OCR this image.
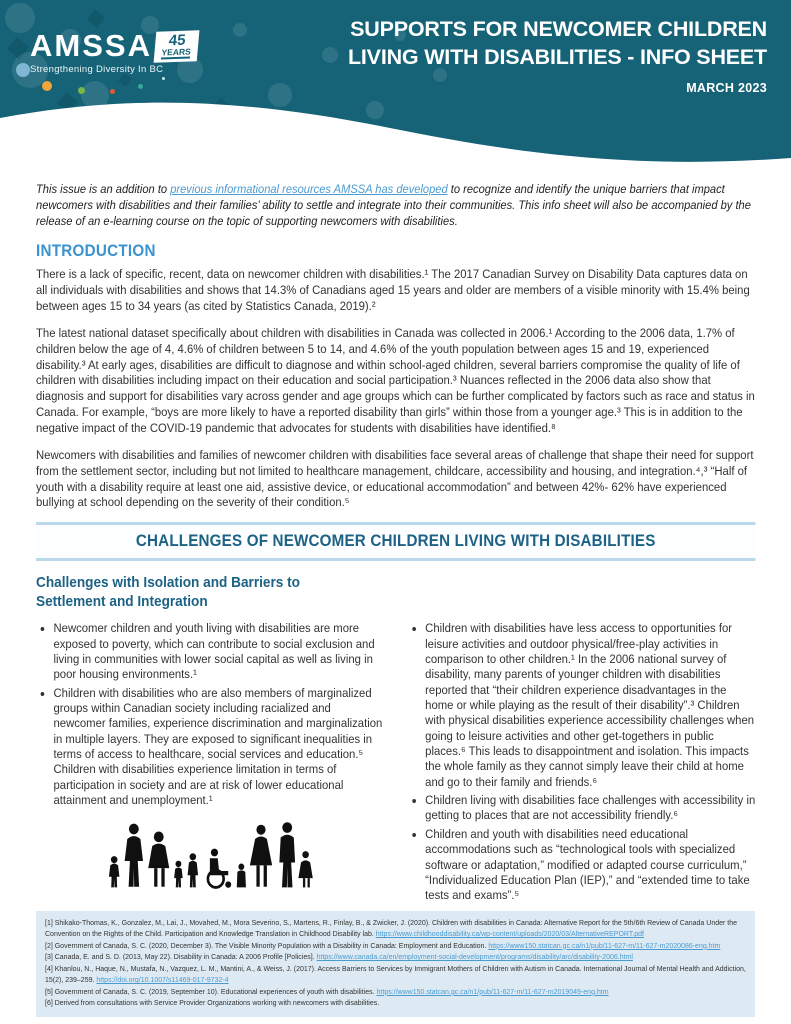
AMSSA	45
YEARS
Strengthening Diversity In BC
SUPPORTS FOR NEWCOMER CHILDREN
LIVING WITH DISABILITIES - INFO SHEET
MARCH 2023

This issue is an addition to previous informational resources AMSSA has developed to recognize and identify the unique barriers that impact newcomers with disabilities and their families’ ability to settle and integrate into their communities. This info sheet will also be accompanied by the release of an e-learning course on the topic of supporting newcomers with disabilities.

INTRODUCTION

There is a lack of specific, recent, data on newcomer children with disabilities.¹ The 2017 Canadian Survey on Disability Data captures data on all individuals with disabilities and shows that 14.3% of Canadians aged 15 years and older are members of a visible minority with 15.4% being between ages 15 to 34 years (as cited by Statistics Canada, 2019).²

The latest national dataset specifically about children with disabilities in Canada was collected in 2006.¹ According to the 2006 data, 1.7% of children below the age of 4, 4.6% of children between 5 to 14, and 4.6% of the youth population between ages 15 and 19, experienced disability.³ At early ages, disabilities are difficult to diagnose and within school-aged children, several barriers compromise the quality of life of children with disabilities including impact on their education and social participation.³ Nuances reflected in the 2006 data also show that diagnosis and support for disabilities vary across gender and age groups which can be further complicated by factors such as race and status in Canada. For example, “boys are more likely to have a reported disability than girls” within those from a younger age.³ This is in addition to the negative impact of the COVID-19 pandemic that advocates for students with disabilities have identified.⁸

Newcomers with disabilities and families of newcomer children with disabilities face several areas of challenge that shape their need for support from the settlement sector, including but not limited to healthcare management, childcare, accessibility and housing, and integration.⁴,³ “Half of youth with a disability require at least one aid, assistive device, or educational accommodation” and between 42%- 62% have experienced bullying at school depending on the severity of their condition.⁵

CHALLENGES OF NEWCOMER CHILDREN LIVING WITH DISABILITIES
Challenges with Isolation and Barriers to Settlement and Integration
• Newcomer children and youth living with disabilities are more exposed to poverty, which can contribute to social exclusion and living in communities with lower social capital as well as living in poor housing environments.¹
• Children with disabilities who are also members of marginalized groups within Canadian society including racialized and newcomer families, experience discrimination and marginalization in multiple layers. They are exposed to significant inequalities in terms of access to healthcare, social services and education.⁵ Children with disabilities experience limitation in terms of participation in society and are at risk of lower educational attainment and unemployment.¹
• Children with disabilities have less access to opportunities for leisure activities and outdoor physical/free-play activities in comparison to other children.¹ In the 2006 national survey of disability, many parents of younger children with disabilities reported that “their children experience disadvantages in the home or while playing as the result of their disability”.³ Children with physical disabilities experience accessibility challenges when going to leisure activities and other get-togethers in public places.⁶ This leads to disappointment and isolation. This impacts the whole family as they cannot simply leave their child at home and go to their family and friends.⁶
• Children living with disabilities face challenges with accessibility in getting to places that are not accessibility friendly.⁶
• Children and youth with disabilities need educational accommodations such as “technological tools with specialized software or adaptation,” modified or adapted course curriculum,” “Individualized Education Plan (IEP),” and “extended time to take tests and exams”.⁵
[1] Shikako-Thomas, K., Gonzalez, M., Lai, J., Movahed, M., Mora Severino, S., Martens, R., Finlay, B., & Zwicker, J. (2020). Children with disabilities in Canada: Alternative Report for the 5th/6th Review of Canada Under the Convention on the Rights of the Child. Participation and Knowledge Translation in Childhood Disability lab. https://www.childhooddisability.ca/wp-content/uploads/2020/03/AlternativeREPORT.pdf
[2] Government of Canada, S. C. (2020, December 3). The Visible Minority Population with a Disability in Canada: Employment and Education. https://www150.statcan.gc.ca/n1/pub/11-627-m/11-627-m2020086-eng.htm
[3] Canada, E. and S. D. (2013, May 22). Disability in Canada: A 2006 Profile [Policies]. https://www.canada.ca/en/employment-social-development/programs/disability/arc/disability-2006.html
[4] Khanlou, N., Haque, N., Mustafa, N., Vazquez, L. M., Mantini, A., & Weiss, J. (2017). Access Barriers to Services by Immigrant Mothers of Children with Autism in Canada. International Journal of Mental Health and Addiction, 15(2), 239–259. https://doi.org/10.1007/s11469-017-9732-4
[5] Government of Canada, S. C. (2019, September 10). Educational experiences of youth with disabilities. https://www150.statcan.gc.ca/n1/pub/11-627-m/11-627-m2019049-eng.htm
[6] Derived from consultations with Service Provider Organizations working with newcomers with disabilities.
